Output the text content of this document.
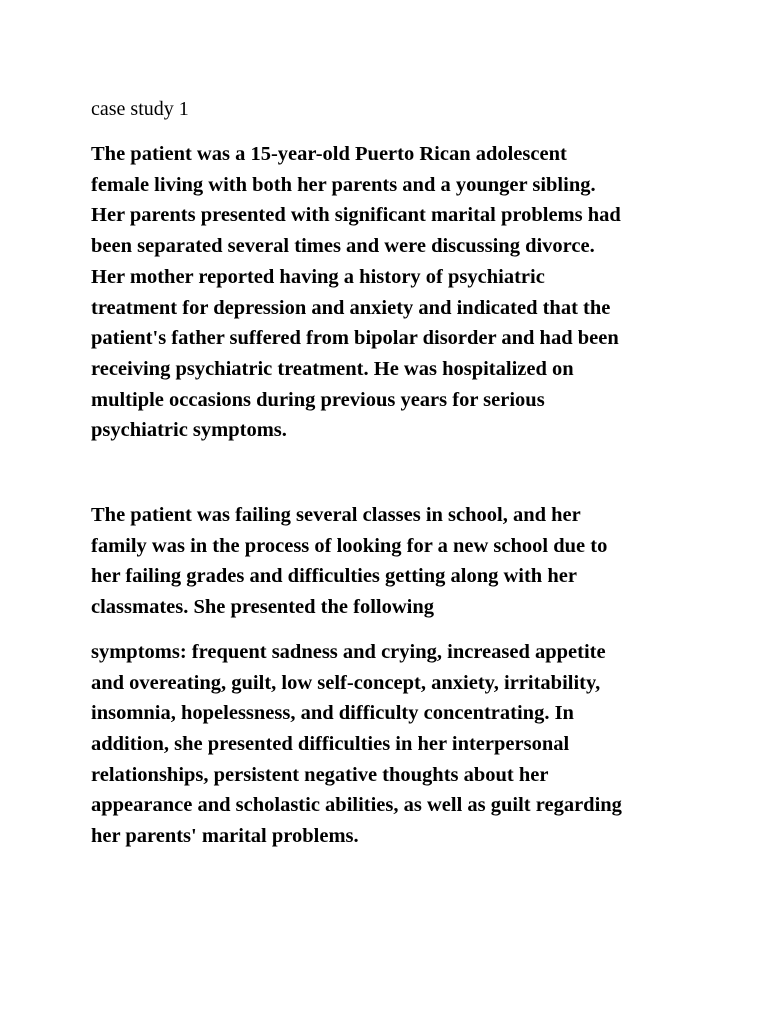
case study 1
The patient was a 15-year-old Puerto Rican adolescent
female living with both her parents and a younger sibling.
Her parents presented with significant marital problems had
been separated several times and were discussing divorce.
Her mother reported having a history of psychiatric
treatment for depression and anxiety and indicated that the
patient's father suffered from bipolar disorder and had been
receiving psychiatric treatment. He was hospitalized on
multiple occasions during previous years for serious
psychiatric symptoms.
The patient was failing several classes in school, and her
family was in the process of looking for a new school due to
her failing grades and difficulties getting along with her
classmates. She presented the following
symptoms: frequent sadness and crying, increased appetite
and overeating, guilt, low self-concept, anxiety, irritability,
insomnia, hopelessness, and difficulty concentrating. In
addition, she presented difficulties in her interpersonal
relationships, persistent negative thoughts about her
appearance and scholastic abilities, as well as guilt regarding
her parents' marital problems.
